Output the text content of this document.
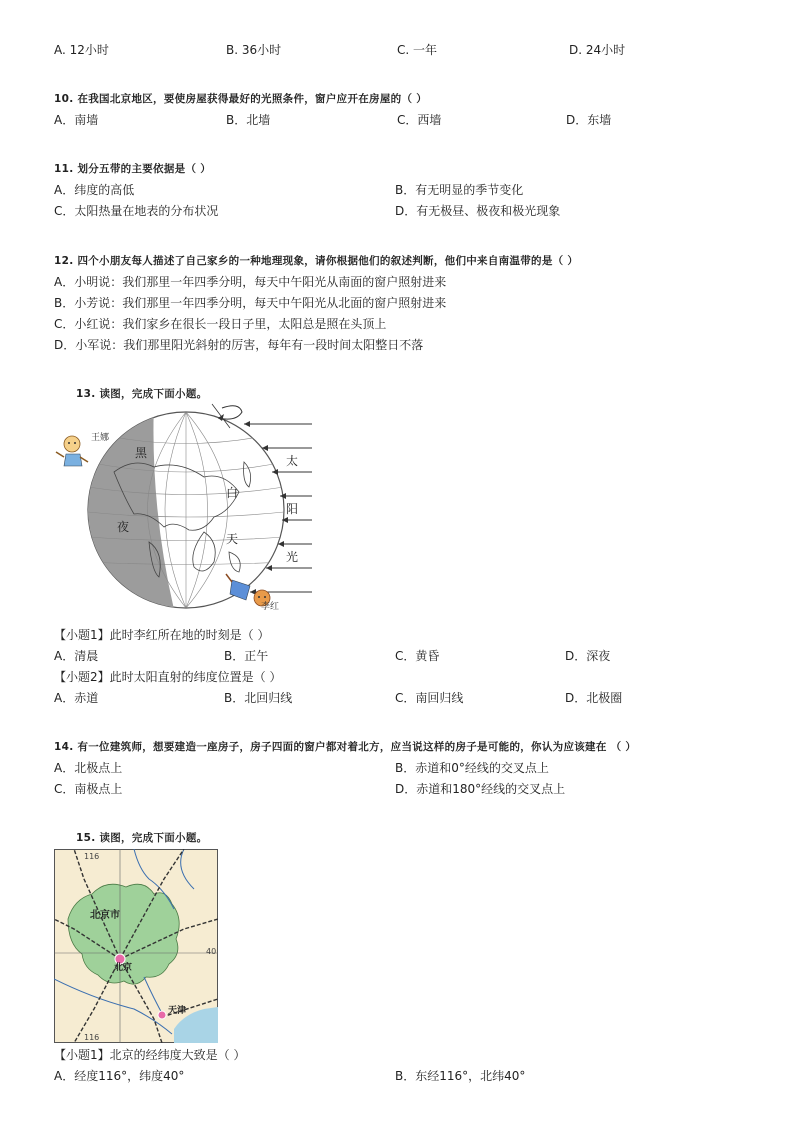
A. 12小时	B. 36小时	C. 一年	D. 24小时
10. 在我国北京地区，要使房屋获得最好的光照条件，窗户应开在房屋的（ ）
A．南墙	B．北墙	C．西墙	D．东墙
11. 划分五带的主要依据是（ ）
A．纬度的高低	B．有无明显的季节变化
C．太阳热量在地表的分布状况	D．有无极昼、极夜和极光现象
12. 四个小朋友每人描述了自己家乡的一种地理现象，请你根据他们的叙述判断，他们中来自南温带的是（ ）
A．小明说：我们那里一年四季分明，每天中午阳光从南面的窗户照射进来
B．小芳说：我们那里一年四季分明，每天中午阳光从北面的窗户照射进来
C．小红说：我们家乡在很长一段日子里，太阳总是照在头顶上
D．小军说：我们那里阳光斜射的厉害，每年有一段时间太阳整日不落
13. 读图，完成下面小题。
王娜
李红
黑
夜
白
天
太
阳
光
【小题1】此时李红所在地的时刻是（ ）
A．清晨	B．正午	C．黄昏	D．深夜
【小题2】此时太阳直射的纬度位置是（ ）
A．赤道	B．北回归线	C．南回归线	D．北极圈
14. 有一位建筑师，想要建造一座房子，房子四面的窗户都对着北方，应当说这样的房子是可能的，你认为应该建在 （ ）
A．北极点上	B．赤道和0°经线的交叉点上
C．南极点上	D．赤道和180°经线的交叉点上
15. 读图，完成下面小题。
116
116
40
北京市
北京
天津
【小题1】北京的经纬度大致是（ ）
A．经度116°，纬度40°	B．东经116°，北纬40°
